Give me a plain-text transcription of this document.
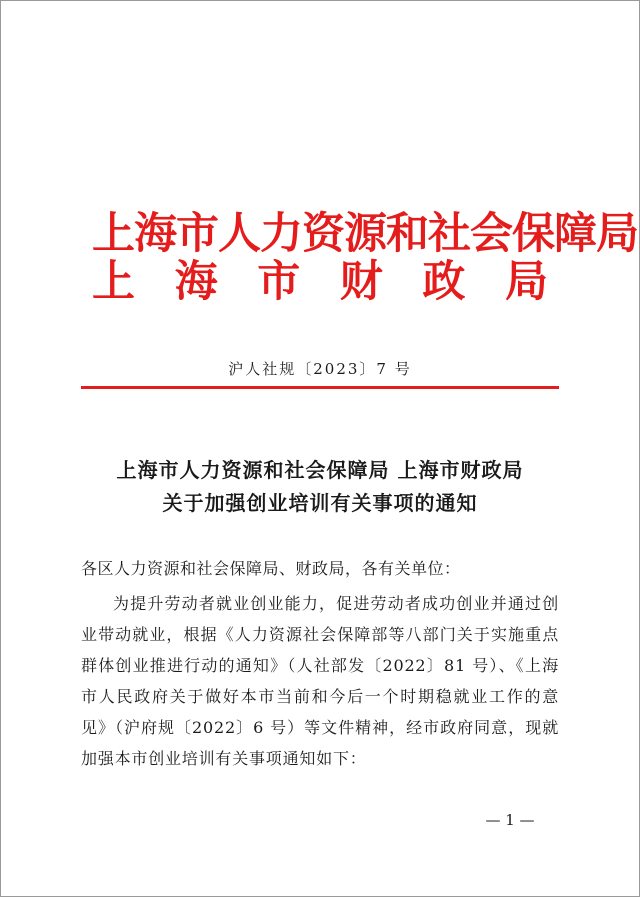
上海市人力资源和社会保障局
上 海 市 财 政 局
沪人社规〔2023〕7 号
上海市人力资源和社会保障局 上海市财政局
关于加强创业培训有关事项的通知
各区人力资源和社会保障局、财政局，各有关单位：
为提升劳动者就业创业能力，促进劳动者成功创业并通过创业带动就业，根据《人力资源社会保障部等八部门关于实施重点群体创业推进行动的通知》（人社部发〔2022〕81 号）、《上海市人民政府关于做好本市当前和今后一个时期稳就业工作的意见》（沪府规〔2022〕6 号）等文件精神，经市政府同意，现就加强本市创业培训有关事项通知如下：
— 1 —
